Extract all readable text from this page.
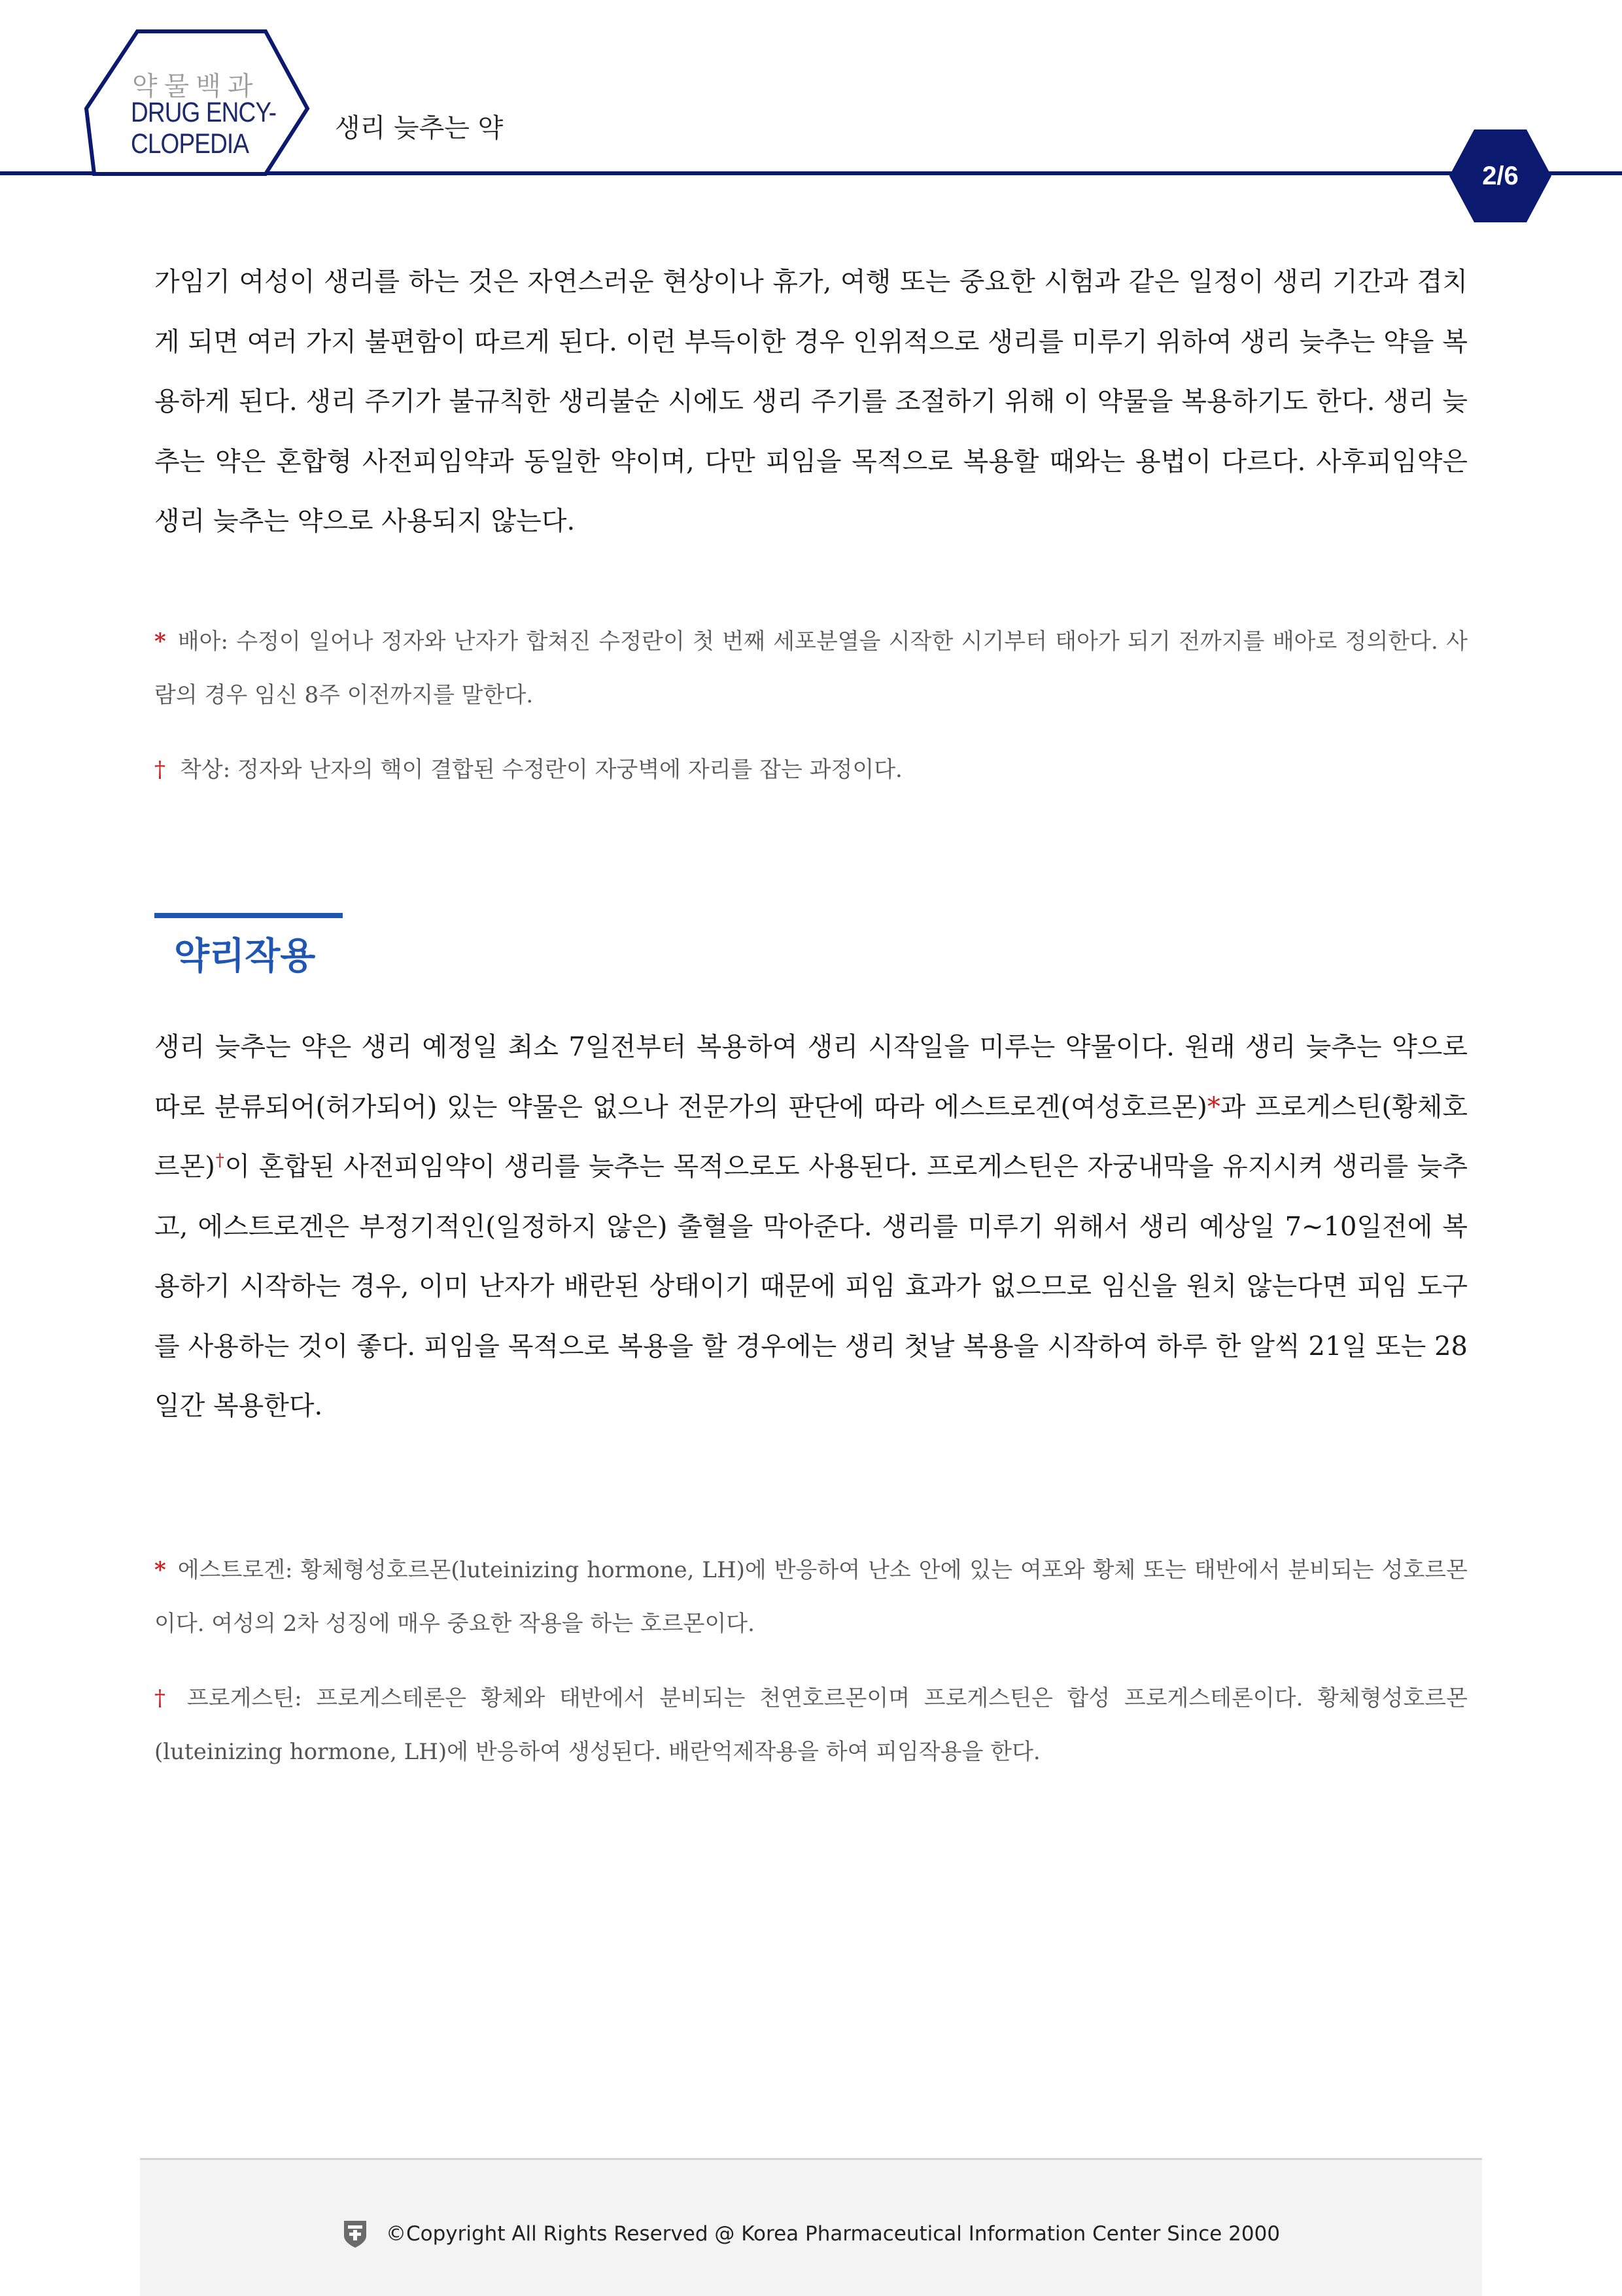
약물백과
DRUG ENCY-
CLOPEDIA	생리 늦추는 약
2/6

가임기 여성이 생리를 하는 것은 자연스러운 현상이나 휴가, 여행 또는 중요한 시험과 같은 일정이 생리 기간과 겹치게 되면 여러 가지 불편함이 따르게 된다. 이런 부득이한 경우 인위적으로 생리를 미루기 위하여 생리 늦추는 약을 복용하게 된다. 생리 주기가 불규칙한 생리불순 시에도 생리 주기를 조절하기 위해 이 약물을 복용하기도 한다. 생리 늦추는 약은 혼합형 사전피임약과 동일한 약이며, 다만 피임을 목적으로 복용할 때와는 용법이 다르다. 사후피임약은 생리 늦추는 약으로 사용되지 않는다.

* 배아: 수정이 일어나 정자와 난자가 합쳐진 수정란이 첫 번째 세포분열을 시작한 시기부터 태아가 되기 전까지를 배아로 정의한다. 사람의 경우 임신 8주 이전까지를 말한다.

† 착상: 정자와 난자의 핵이 결합된 수정란이 자궁벽에 자리를 잡는 과정이다.

약리작용

생리 늦추는 약은 생리 예정일 최소 7일전부터 복용하여 생리 시작일을 미루는 약물이다. 원래 생리 늦추는 약으로 따로 분류되어(허가되어) 있는 약물은 없으나 전문가의 판단에 따라 에스트로겐(여성호르몬)*과 프로게스틴(황체호르몬)†이 혼합된 사전피임약이 생리를 늦추는 목적으로도 사용된다. 프로게스틴은 자궁내막을 유지시켜 생리를 늦추고, 에스트로겐은 부정기적인(일정하지 않은) 출혈을 막아준다. 생리를 미루기 위해서 생리 예상일 7~10일전에 복용하기 시작하는 경우, 이미 난자가 배란된 상태이기 때문에 피임 효과가 없으므로 임신을 원치 않는다면 피임 도구를 사용하는 것이 좋다. 피임을 목적으로 복용을 할 경우에는 생리 첫날 복용을 시작하여 하루 한 알씩 21일 또는 28일간 복용한다.

* 에스트로겐: 황체형성호르몬(luteinizing hormone, LH)에 반응하여 난소 안에 있는 여포와 황체 또는 태반에서 분비되는 성호르몬이다. 여성의 2차 성징에 매우 중요한 작용을 하는 호르몬이다.

† 프로게스틴: 프로게스테론은 황체와 태반에서 분비되는 천연호르몬이며 프로게스틴은 합성 프로게스테론이다. 황체형성호르몬(luteinizing hormone, LH)에 반응하여 생성된다. 배란억제작용을 하여 피임작용을 한다.

©Copyright All Rights Reserved @ Korea Pharmaceutical Information Center Since 2000
